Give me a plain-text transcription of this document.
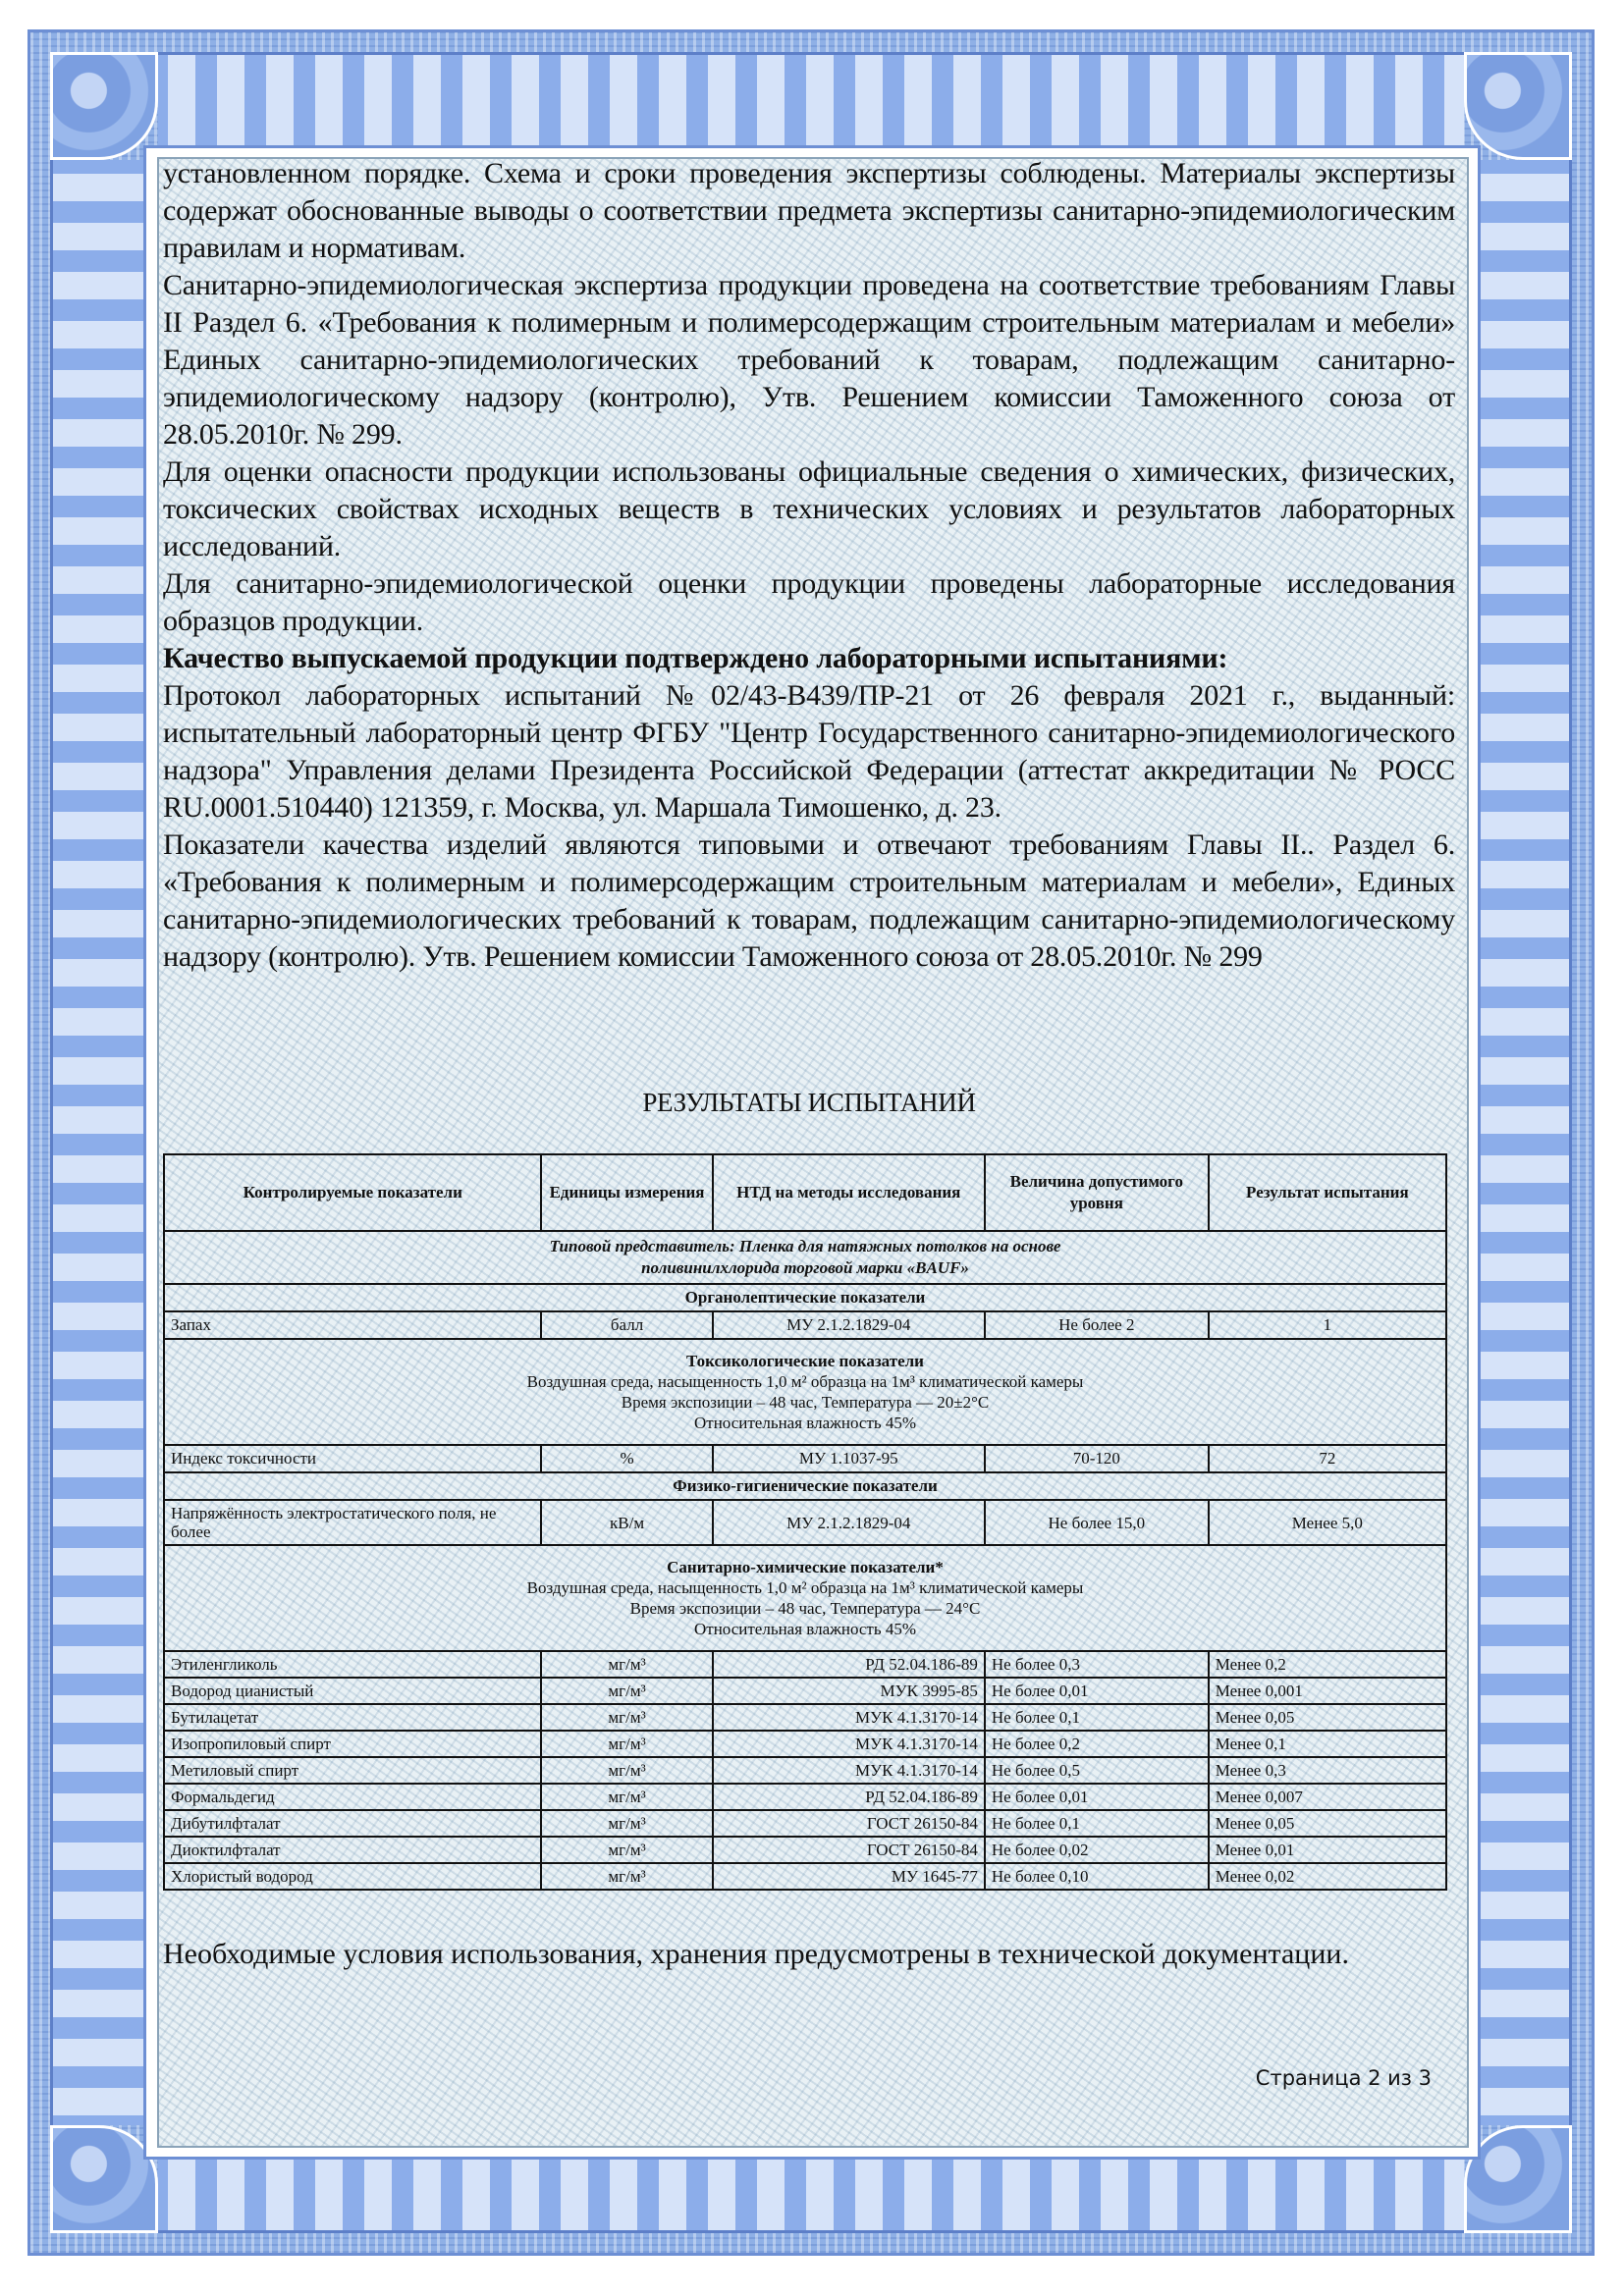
установленном порядке. Схема и сроки проведения экспертизы соблюдены. Материалы экспертизы содержат обоснованные выводы о соответствии предмета экспертизы санитарно-эпидемиологическим правилам и нормативам.

Санитарно-эпидемиологическая экспертиза продукции проведена на соответствие требованиям Главы II Раздел 6. «Требования к полимерным и полимерсодержащим строительным материалам и мебели» Единых санитарно-эпидемиологических требований к товарам, подлежащим санитарно-эпидемиологическому надзору (контролю), Утв. Решением комиссии Таможенного союза от 28.05.2010г. № 299.

Для оценки опасности продукции использованы официальные сведения о химических, физических, токсических свойствах исходных веществ в технических условиях и результатов лабораторных исследований.

Для санитарно-эпидемиологической оценки продукции проведены лабораторные исследования образцов продукции.

Качество выпускаемой продукции подтверждено лабораторными испытаниями:

Протокол лабораторных испытаний №02/43-В439/ПР-21 от 26 февраля 2021 г., выданный: испытательный лабораторный центр ФГБУ "Центр Государственного санитарно-эпидемиологического надзора" Управления делами Президента Российской Федерации (аттестат аккредитации № РОСС RU.0001.510440) 121359, г. Москва, ул. Маршала Тимошенко, д. 23.

Показатели качества изделий являются типовыми и отвечают требованиям Главы II.. Раздел 6. «Требования к полимерным и полимерсодержащим строительным материалам и мебели», Единых санитарно-эпидемиологических требований к товарам, подлежащим санитарно-эпидемиологическому надзору (контролю). Утв. Решением комиссии Таможенного союза от 28.05.2010г. № 299

РЕЗУЛЬТАТЫ ИСПЫТАНИЙ
Контролируемые показатели	Единицы измерения	НТД на методы исследования	Величина допустимого уровня	Результат испытания
Типовой представитель: Пленка для натяжных потолков на основе
поливинилхлорида торговой марки «BAUF»				
Органолептические показатели				
Запах	балл	МУ 2.1.2.1829-04	Не более 2	1

Токсикологические показатели
Воздушная среда, насыщенность 1,0 м² образца на 1м³ климатической камеры
Время экспозиции – 48 час, Температура — 20±2°С
Относительная влажность 45%				

Индекс токсичности	%	МУ 1.1037-95	70-120	72
Физико-гигиенические показатели				
Напряжённость электростатического поля, не более	кВ/м	МУ 2.1.2.1829-04	Не более 15,0	Менее 5,0

Санитарно-химические показатели*
Воздушная среда, насыщенность 1,0 м² образца на 1м³ климатической камеры
Время экспозиции – 48 час, Температура — 24°С
Относительная влажность 45%				

Этиленгликоль	мг/м³	РД 52.04.186-89	Не более 0,3	Менее 0,2
Водород цианистый	мг/м³	МУК 3995-85	Не более 0,01	Менее 0,001
Бутилацетат	мг/м³	МУК 4.1.3170-14	Не более 0,1	Менее 0,05
Изопропиловый спирт	мг/м³	МУК 4.1.3170-14	Не более 0,2	Менее 0,1
Метиловый спирт	мг/м³	МУК 4.1.3170-14	Не более 0,5	Менее 0,3
Формальдегид	мг/м³	РД 52.04.186-89	Не более 0,01	Менее 0,007
Дибутилфталат	мг/м³	ГОСТ 26150-84	Не более 0,1	Менее 0,05
Диоктилфталат	мг/м³	ГОСТ 26150-84	Не более 0,02	Менее 0,01
Хлористый водород	мг/м³	МУ 1645-77	Не более 0,10	Менее 0,02

Необходимые условия использования, хранения предусмотрены в технической документации.

Страница 2 из 3
